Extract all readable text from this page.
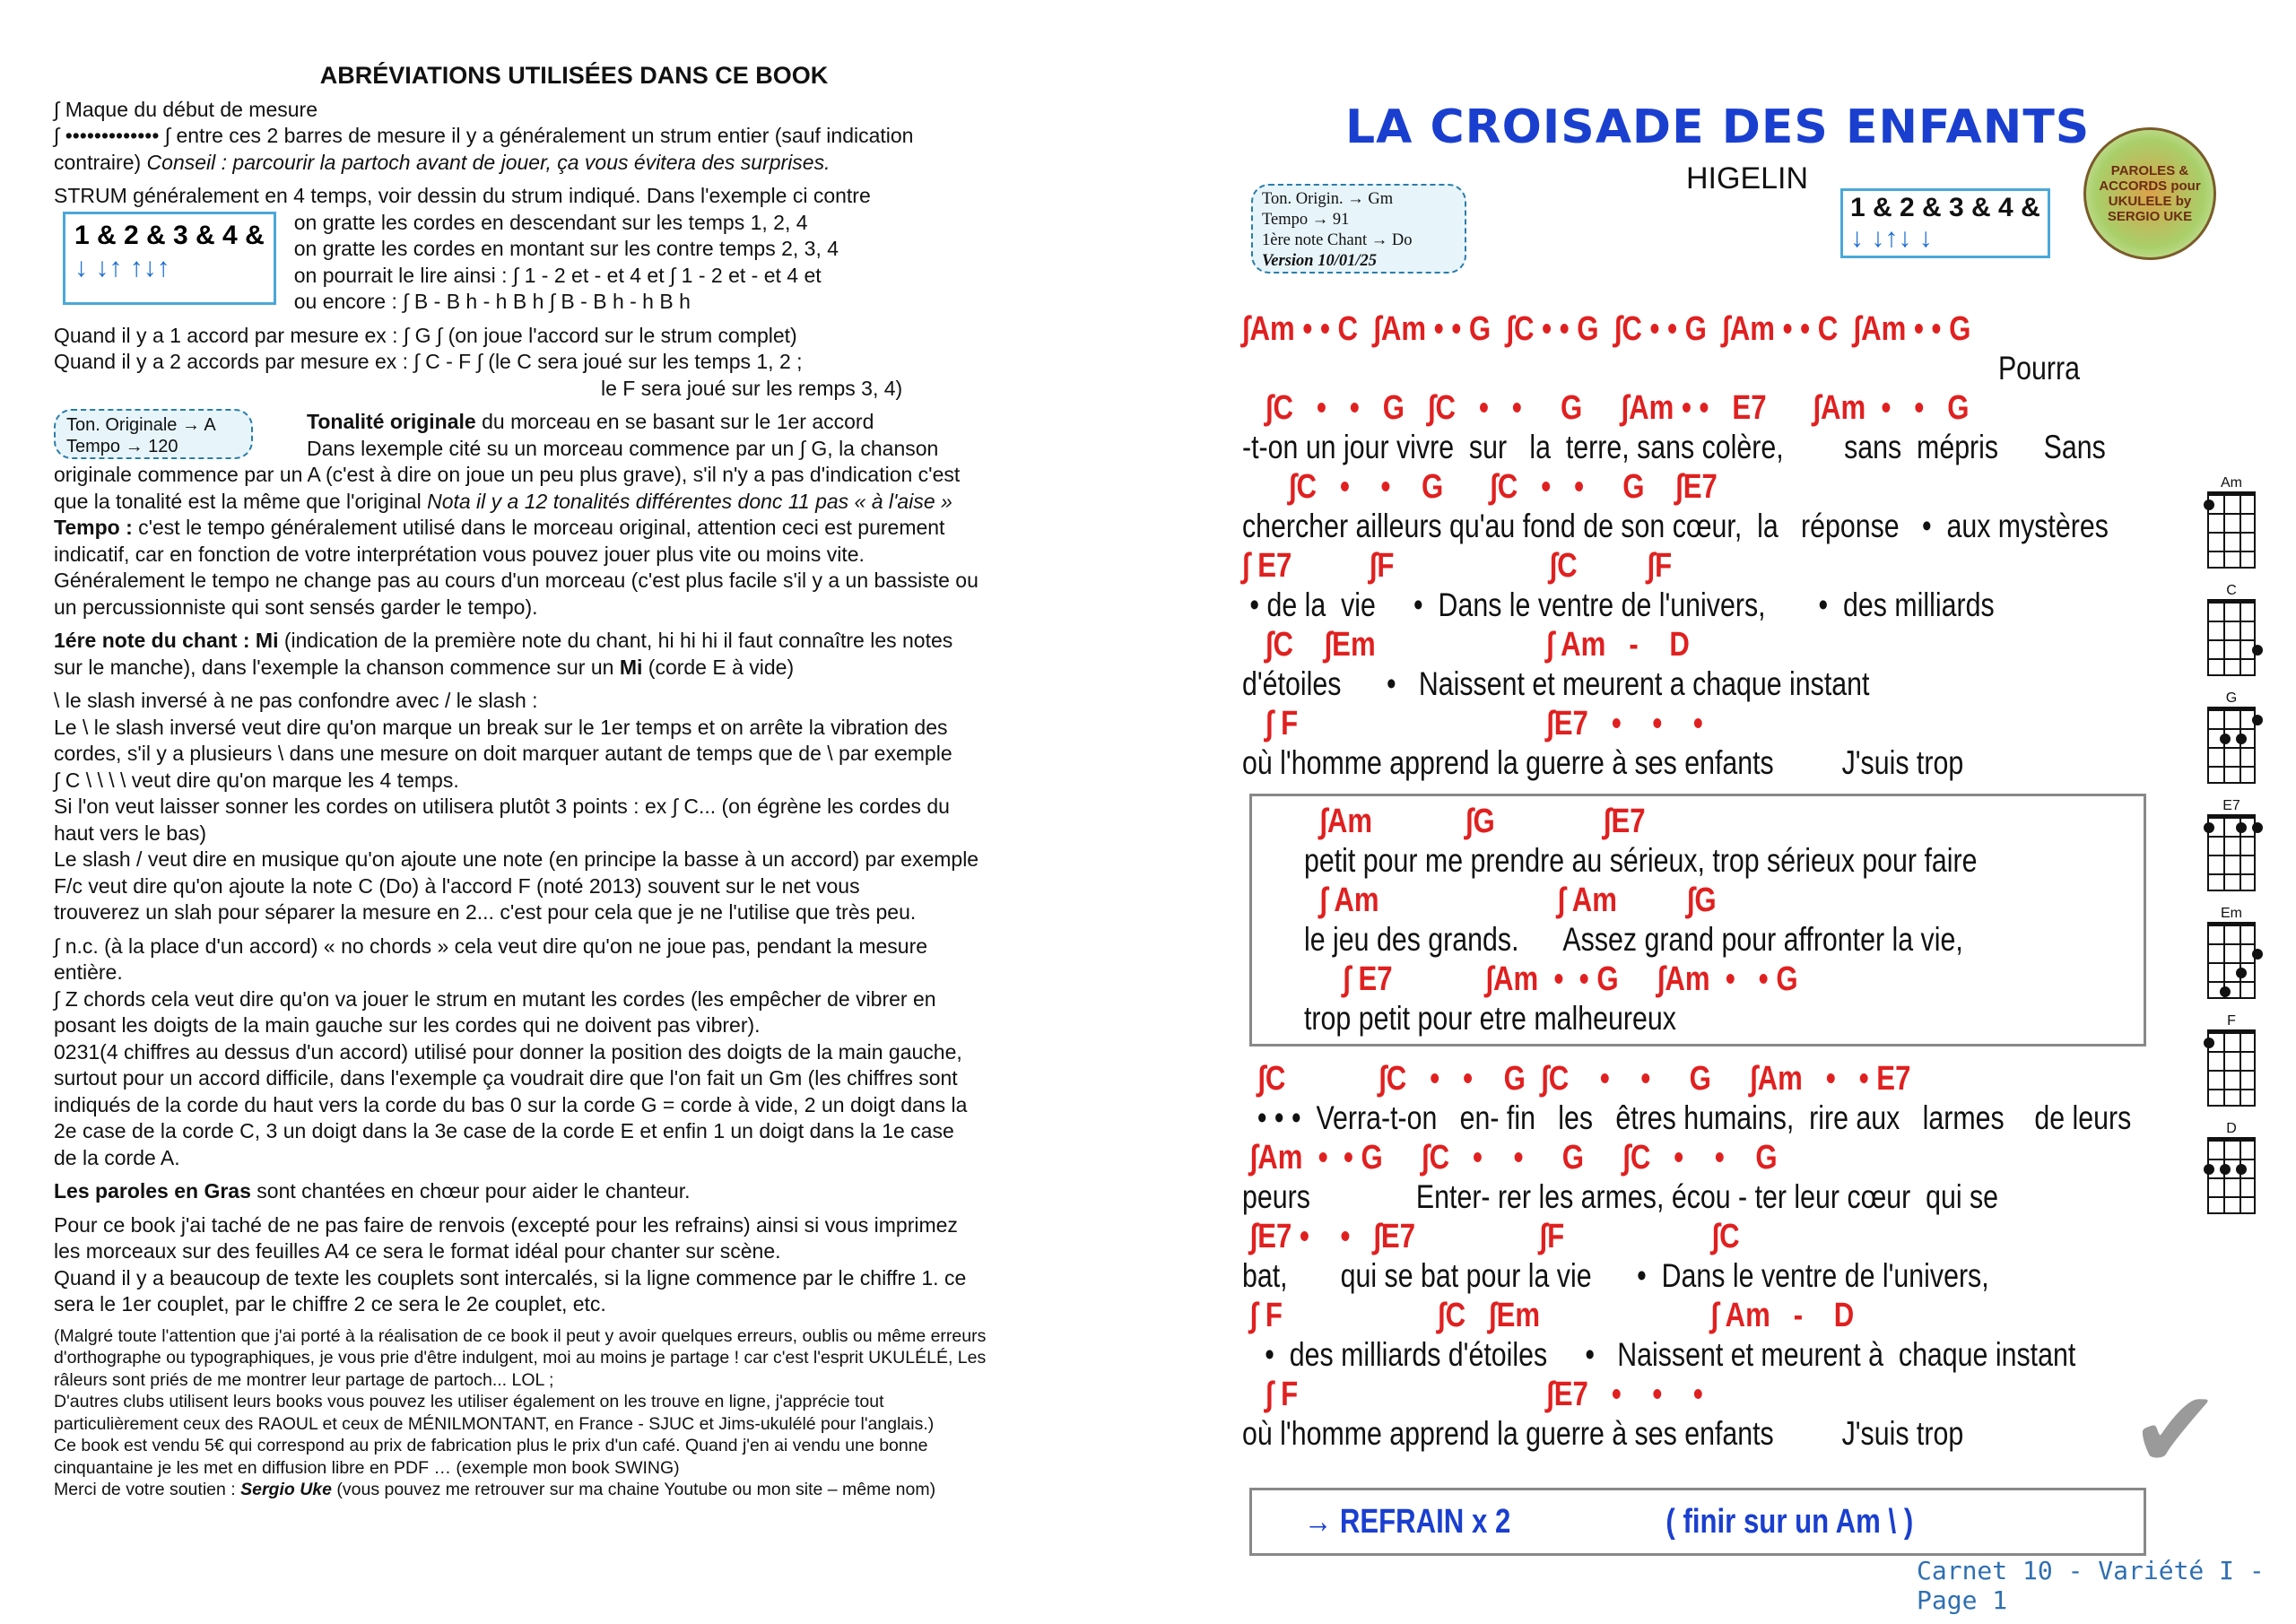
ABRÉVIATIONS UTILISÉES DANS CE BOOK

∫ Maque du début de mesure

∫ ••••••••••••• ∫ entre ces 2 barres de mesure il y a généralement un strum entier (sauf indication

contraire) Conseil : parcourir la partoch avant de jouer, ça vous évitera des surprises.

STRUM généralement en 4 temps, voir dessin du strum indiqué. Dans l'exemple ci contre

1 & 2 & 3 & 4 &
↓ ↓↑ ↑↓↑

on gratte les cordes en descendant sur les temps 1, 2, 4

on gratte les cordes en montant sur les contre temps 2, 3, 4

on pourrait le lire ainsi : ∫ 1 - 2 et - et 4 et ∫ 1 - 2 et - et 4 et

ou encore : ∫ B - B h - h B h ∫ B - B h - h B h

Quand il y a 1 accord par mesure ex : ∫ G ∫ (on joue l'accord sur le strum complet)

Quand il y a 2 accords par mesure ex : ∫ C - F ∫ (le C sera joué sur les temps 1, 2 ;

le F sera joué sur les remps 3, 4)

Ton. Originale → A
Tempo → 120

Tonalité originale du morceau en se basant sur le 1er accord

Dans lexemple cité su un morceau commence par un ∫ G, la chanson

originale commence par un A (c'est à dire on joue un peu plus grave), s'il n'y a pas d'indication c'est

que la tonalité est la même que l'original Nota il y a 12 tonalités différentes donc 11 pas « à l'aise »

Tempo : c'est le tempo généralement utilisé dans le morceau original, attention ceci est purement

indicatif, car en fonction de votre interprétation vous pouvez jouer plus vite ou moins vite.

Généralement le tempo ne change pas au cours d'un morceau (c'est plus facile s'il y a un bassiste ou

un percussionniste qui sont sensés garder le tempo).

1ére note du chant : Mi (indication de la première note du chant, hi hi hi il faut connaître les notes

sur le manche), dans l'exemple la chanson commence sur un Mi (corde E à vide)

\ le slash inversé à ne pas confondre avec / le slash :

Le \ le slash inversé veut dire qu'on marque un break sur le 1er temps et on arrête la vibration des

cordes, s'il y a plusieurs \ dans une mesure on doit marquer autant de temps que de \ par exemple

∫ C \ \ \ \ veut dire qu'on marque les 4 temps.

Si l'on veut laisser sonner les cordes on utilisera plutôt 3 points : ex ∫ C... (on égrène les cordes du

haut vers le bas)

Le slash / veut dire en musique qu'on ajoute une note (en principe la basse à un accord) par exemple

F/c veut dire qu'on ajoute la note C (Do) à l'accord F (noté 2013) souvent sur le net vous

trouverez un slah pour séparer la mesure en 2... c'est pour cela que je ne l'utilise que très peu.

∫ n.c. (à la place d'un accord) « no chords » cela veut dire qu'on ne joue pas, pendant la mesure

entière.

∫ Z chords cela veut dire qu'on va jouer le strum en mutant les cordes (les empêcher de vibrer en

posant les doigts de la main gauche sur les cordes qui ne doivent pas vibrer).

0231(4 chiffres au dessus d'un accord) utilisé pour donner la position des doigts de la main gauche,

surtout pour un accord difficile, dans l'exemple ça voudrait dire que l'on fait un Gm (les chiffres sont

indiqués de la corde du haut vers la corde du bas 0 sur la corde G = corde à vide, 2 un doigt dans la

2e case de la corde C, 3 un doigt dans la 3e case de la corde E et enfin 1 un doigt dans la 1e case

de la corde A.

Les paroles en Gras sont chantées en chœur pour aider le chanteur.

Pour ce book j'ai taché de ne pas faire de renvois (excepté pour les refrains) ainsi si vous imprimez

les morceaux sur des feuilles A4 ce sera le format idéal pour chanter sur scène.

Quand il y a beaucoup de texte les couplets sont intercalés, si la ligne commence par le chiffre 1. ce

sera le 1er couplet, par le chiffre 2 ce sera le 2e couplet, etc.

(Malgré toute l'attention que j'ai porté à la réalisation de ce book il peut y avoir quelques erreurs, oublis ou même erreurs

d'orthographe ou typographiques, je vous prie d'être indulgent, moi au moins je partage ! car c'est l'esprit UKULÉLÉ, Les

râleurs sont priés de me montrer leur partage de partoch... LOL ;

D'autres clubs utilisent leurs books vous pouvez les utiliser également on les trouve en ligne, j'apprécie tout

particulièrement ceux des RAOUL et ceux de MÉNILMONTANT, en France - SJUC et Jims-ukulélé pour l'anglais.)

Ce book est vendu 5€ qui correspond au prix de fabrication plus le prix d'un café. Quand j'en ai vendu une bonne

cinquantaine je les met en diffusion libre en PDF … (exemple mon book SWING)

Merci de votre soutien : Sergio Uke (vous pouvez me retrouver sur ma chaine Youtube ou mon site – même nom)

LA CROISADE DES ENFANTS
HIGELIN
Ton. Origin. → Gm
Tempo → 91
1ère note Chant → Do
Version 10/01/25
1 & 2 & 3 & 4 &
↓ ↓↑↓ ↓
PAROLES & ACCORDS pour UKULELE by SERGIO UKE
∫Am • • C  ∫Am • • G  ∫C • • G  ∫C • • G  ∫Am • • C  ∫Am • • G
Pourra
∫C   •   •   G   ∫C   •   •     G     ∫Am • •   E7      ∫Am  •   •   G
-t-on un jour vivre  sur   la  terre, sans colère,        sans  mépris      Sans
∫C   •    •    G      ∫C   •   •     G    ∫E7
chercher ailleurs qu'au fond de son cœur,  la   réponse   •  aux mystères
∫ E7          ∫F                    ∫C         ∫F
• de la  vie     •  Dans le ventre de l'univers,       •  des milliards
∫C    ∫Em                      ∫ Am   -    D
d'étoiles      •   Naissent et meurent a chaque instant
∫ F                                ∫E7   •    •    •
où l'homme apprend la guerre à ses enfants         J'suis trop
∫Am            ∫G              ∫E7
petit pour me prendre au sérieux, trop sérieux pour faire
∫ Am                       ∫ Am         ∫G
le jeu des grands.      Assez grand pour affronter la vie,
∫ E7            ∫Am  •  • G     ∫Am  •   • G
trop petit pour etre malheureux
∫C            ∫C   •   •    G  ∫C    •    •     G     ∫Am   •   • E7
• • •  Verra-t-on   en- fin   les   êtres humains,  rire aux   larmes    de leurs
∫Am  •  • G     ∫C   •    •     G     ∫C   •    •    G
peurs              Enter- rer les armes, écou - ter leur cœur  qui se
∫E7 •    •   ∫E7                ∫F                   ∫C
bat,       qui se bat pour la vie      •  Dans le ventre de l'univers,
∫ F                    ∫C   ∫Em                      ∫ Am   -    D
•  des milliards d'étoiles     •   Naissent et meurent à  chaque instant
∫ F                                ∫E7   •    •    •
où l'homme apprend la guerre à ses enfants         J'suis trop
→ REFRAIN x 2                    ( finir sur un Am \ )
Am
C
G
E7
Em
F
D
✔
Carnet 10 - Variété I - Page 1
